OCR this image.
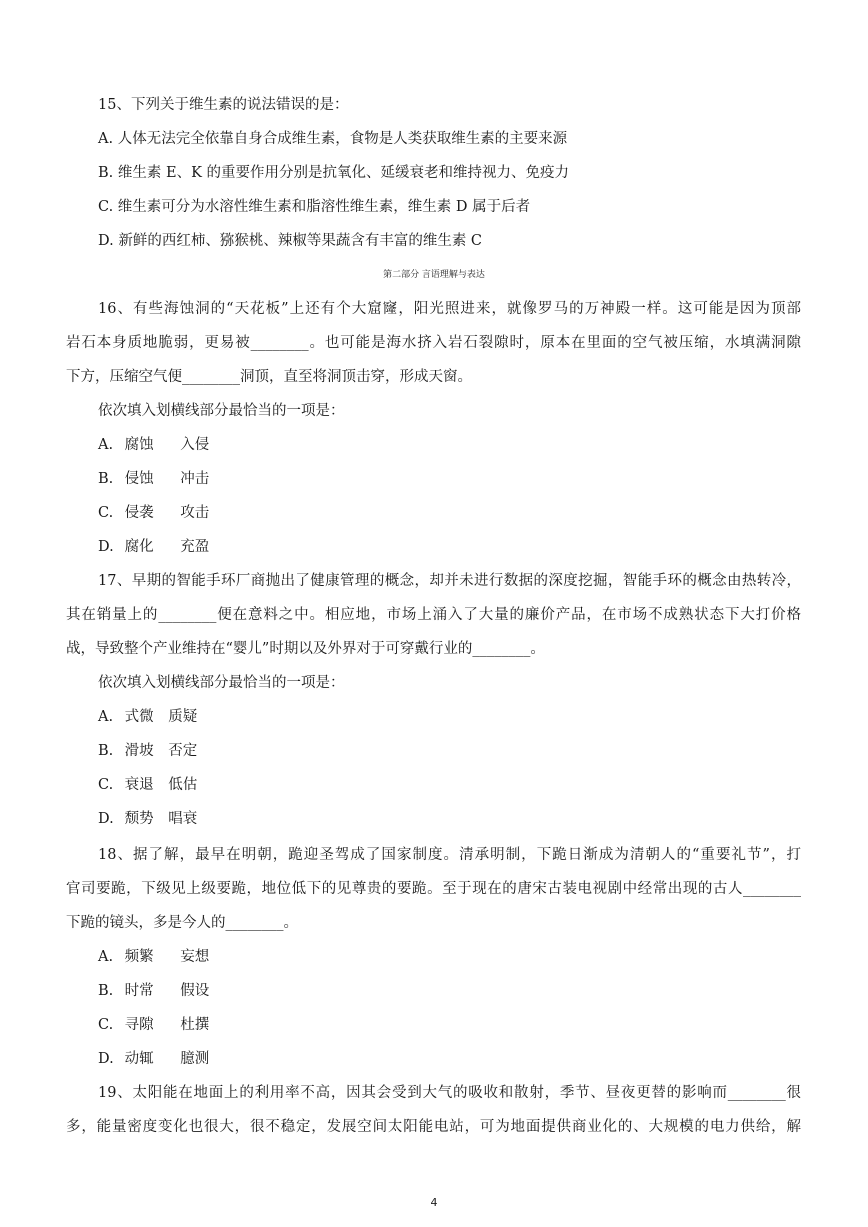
15、下列关于维生素的说法错误的是：
A. 人体无法完全依靠自身合成维生素，食物是人类获取维生素的主要来源
B. 维生素 E、K 的重要作用分别是抗氧化、延缓衰老和维持视力、免疫力
C. 维生素可分为水溶性维生素和脂溶性维生素，维生素 D 属于后者
D. 新鲜的西红柿、猕猴桃、辣椒等果蔬含有丰富的维生素 C
第二部分 言语理解与表达
16、有些海蚀洞的“天花板”上还有个大窟窿，阳光照进来，就像罗马的万神殿一样。这可能是因为顶部
岩石本身质地脆弱，更易被________。也可能是海水挤入岩石裂隙时，原本在里面的空气被压缩，水填满洞隙
下方，压缩空气便________洞顶，直至将洞顶击穿，形成天窗。
依次填入划横线部分最恰当的一项是：
A. 腐蚀 入侵
B. 侵蚀 冲击
C. 侵袭 攻击
D. 腐化 充盈
17、早期的智能手环厂商抛出了健康管理的概念，却并未进行数据的深度挖掘，智能手环的概念由热转冷，
其在销量上的________便在意料之中。相应地，市场上涌入了大量的廉价产品，在市场不成熟状态下大打价格
战，导致整个产业维持在“婴儿”时期以及外界对于可穿戴行业的________。
依次填入划横线部分最恰当的一项是：
A. 式微 质疑
B. 滑坡 否定
C. 衰退 低估
D. 颓势 唱衰
18、据了解，最早在明朝，跪迎圣驾成了国家制度。清承明制，下跪日渐成为清朝人的“重要礼节”，打
官司要跪，下级见上级要跪，地位低下的见尊贵的要跪。至于现在的唐宋古装电视剧中经常出现的古人________
下跪的镜头，多是今人的________。
A. 频繁 妄想
B. 时常 假设
C. 寻隙 杜撰
D. 动辄 臆测
19、太阳能在地面上的利用率不高，因其会受到大气的吸收和散射，季节、昼夜更替的影响而________很
多，能量密度变化也很大，很不稳定，发展空间太阳能电站，可为地面提供商业化的、大规模的电力供给，解
4
